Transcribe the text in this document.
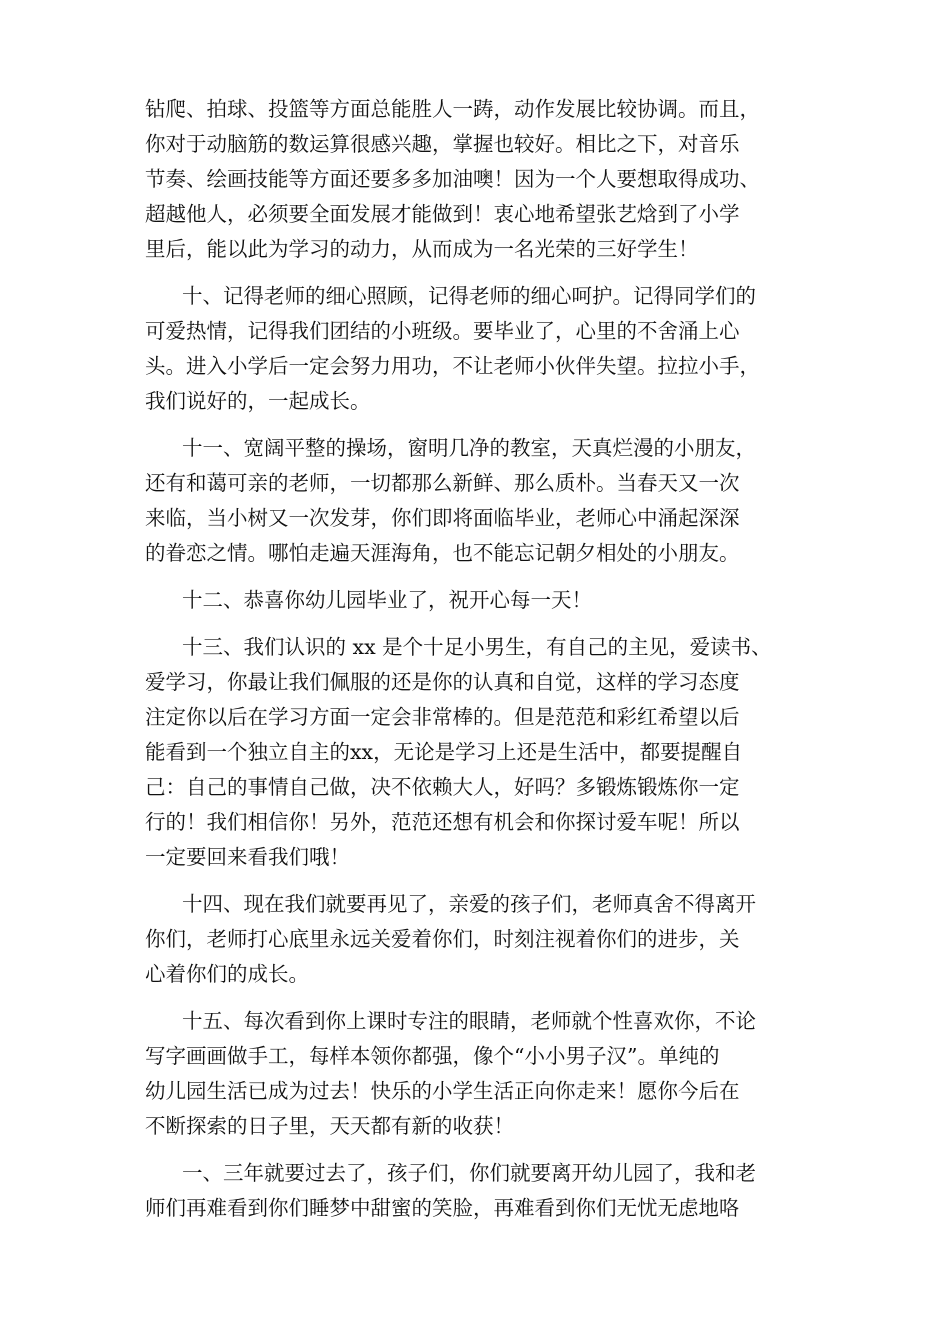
钻爬、拍球、投篮等方面总能胜人一踌，动作发展比较协调。而且，
你对于动脑筋的数运算很感兴趣，掌握也较好。相比之下，对音乐
节奏、绘画技能等方面还要多多加油噢！因为一个人要想取得成功、
超越他人，必须要全面发展才能做到！衷心地希望张艺焓到了小学
里后，能以此为学习的动力，从而成为一名光荣的三好学生！
十、记得老师的细心照顾，记得老师的细心呵护。记得同学们的
可爱热情，记得我们团结的小班级。要毕业了，心里的不舍涌上心
头。进入小学后一定会努力用功，不让老师小伙伴失望。拉拉小手，
我们说好的，一起成长。
十一、宽阔平整的操场，窗明几净的教室，天真烂漫的小朋友，
还有和蔼可亲的老师，一切都那么新鲜、那么质朴。当春天又一次
来临，当小树又一次发芽，你们即将面临毕业，老师心中涌起深深
的眷恋之情。哪怕走遍天涯海角，也不能忘记朝夕相处的小朋友。
十二、恭喜你幼儿园毕业了，祝开心每一天！
十三、我们认识的 xx 是个十足小男生，有自己的主见，爱读书、
爱学习，你最让我们佩服的还是你的认真和自觉，这样的学习态度
注定你以后在学习方面一定会非常棒的。但是范范和彩红希望以后
能看到一个独立自主的xx，无论是学习上还是生活中，都要提醒自
己：自己的事情自己做，决不依赖大人，好吗？多锻炼锻炼你一定
行的！我们相信你！另外，范范还想有机会和你探讨爱车呢！所以
一定要回来看我们哦！
十四、现在我们就要再见了，亲爱的孩子们，老师真舍不得离开
你们，老师打心底里永远关爱着你们，时刻注视着你们的进步，关
心着你们的成长。
十五、每次看到你上课时专注的眼睛，老师就个性喜欢你，不论
写字画画做手工，每样本领你都强，像个“小小男子汉”。单纯的
幼儿园生活已成为过去！快乐的小学生活正向你走来！愿你今后在
不断探索的日子里，天天都有新的收获！
一、三年就要过去了，孩子们，你们就要离开幼儿园了，我和老
师们再难看到你们睡梦中甜蜜的笑脸，再难看到你们无忧无虑地咯
